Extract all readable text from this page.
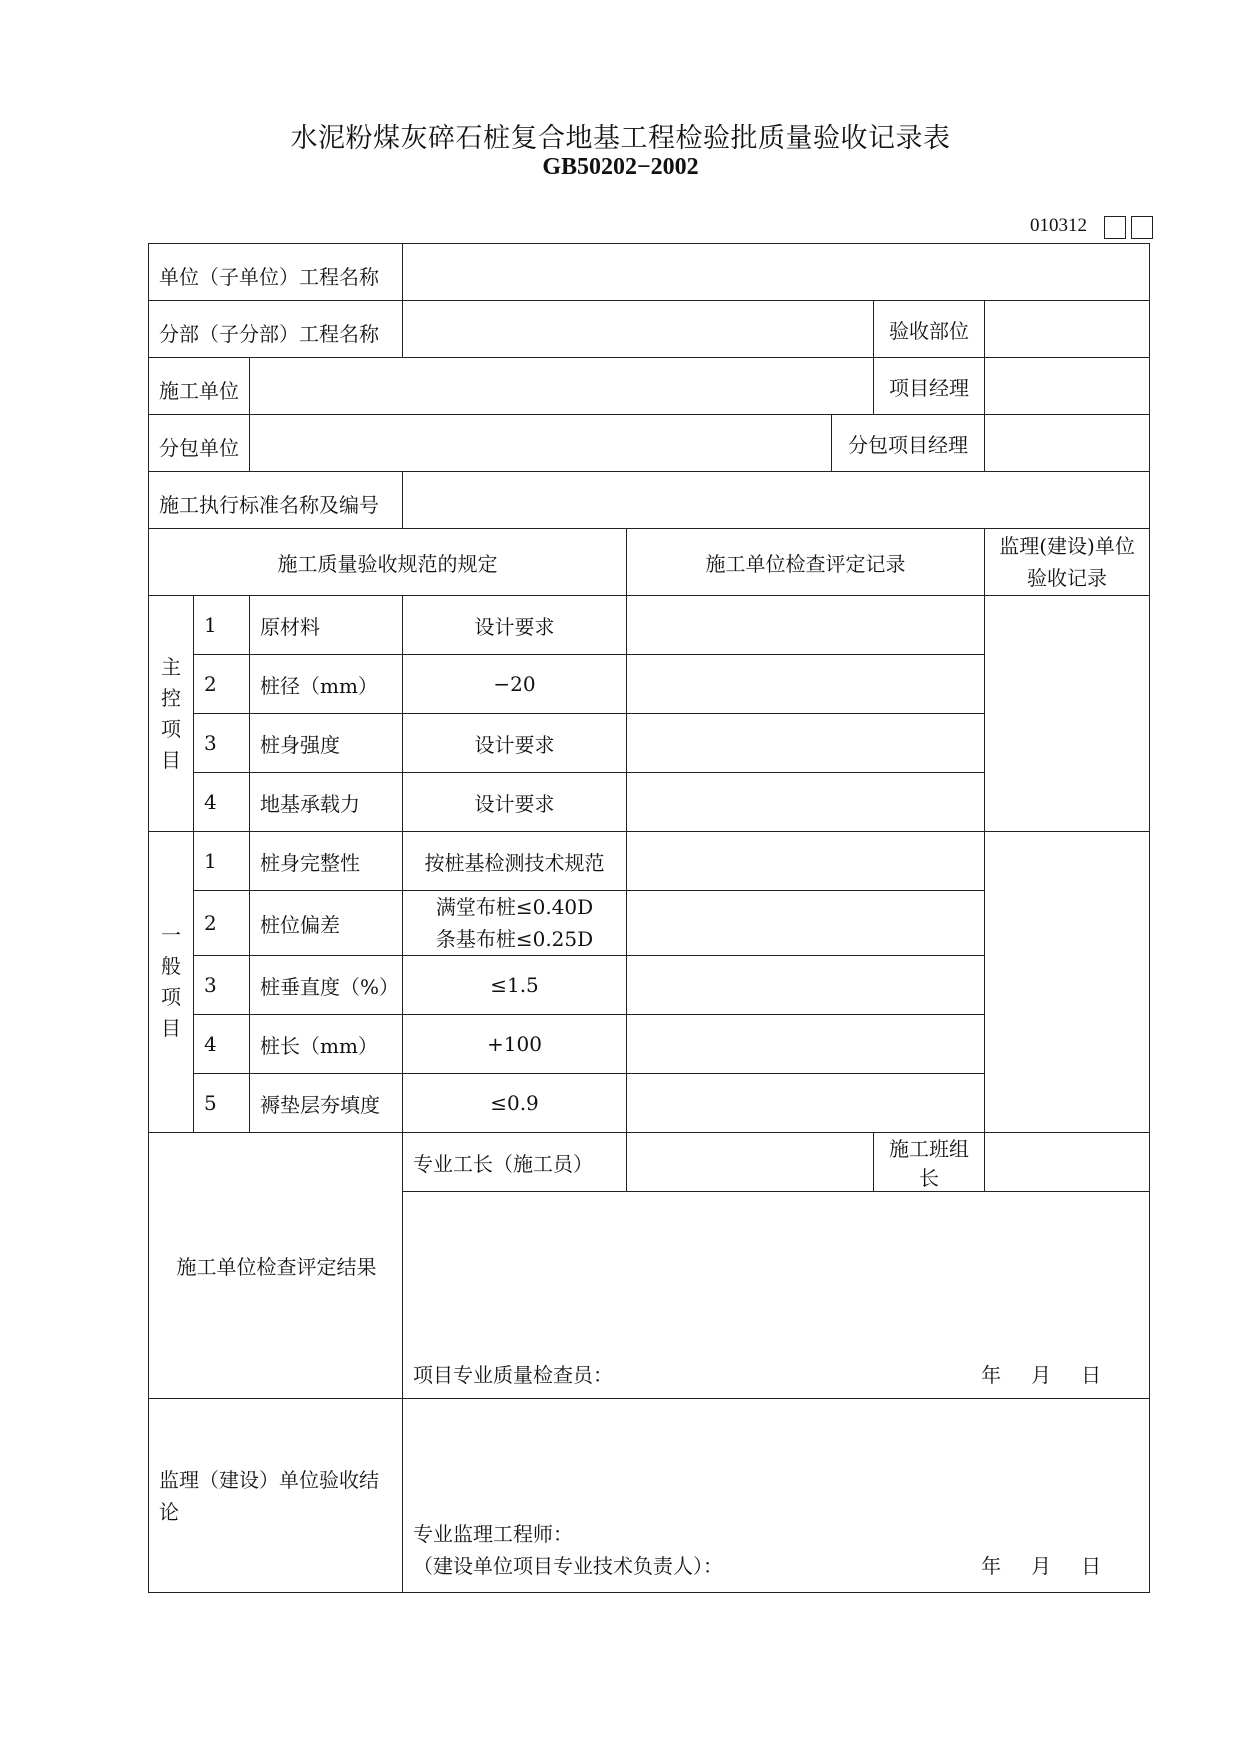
水泥粉煤灰碎石桩复合地基工程检验批质量验收记录表
GB50202−2002
010312
单位（子单位）工程名称							
分部（子分部）工程名称						验收部位	
施工单位						项目经理	
分包单位					分包项目经理		
施工执行标准名称及编号							
施工质量验收规范的规定				施工单位检查评定记录			监理(建设)单位验收记录
主
控
项
目	1	原材料	设计要求				
	2	桩径（mm）	−20				
	3	桩身强度	设计要求				
	4	地基承载力	设计要求				
一
般
项
目	1	桩身完整性	按桩基检测技术规范				
	2	桩位偏差	满堂布桩≤0.40D
条基布桩≤0.25D				

	3	桩垂直度（%）	≤1.5				
	4	桩长（mm）	+100				
	5	褥垫层夯填度	≤0.9				
施工单位检查评定结果			专业工长（施工员）			施工班组长	
			项目专业质量检查员： 年 月 日				

监理（建设）单位验收结论			专业监理工程师：
（建设单位项目专业技术负责人）： 年 月 日				
